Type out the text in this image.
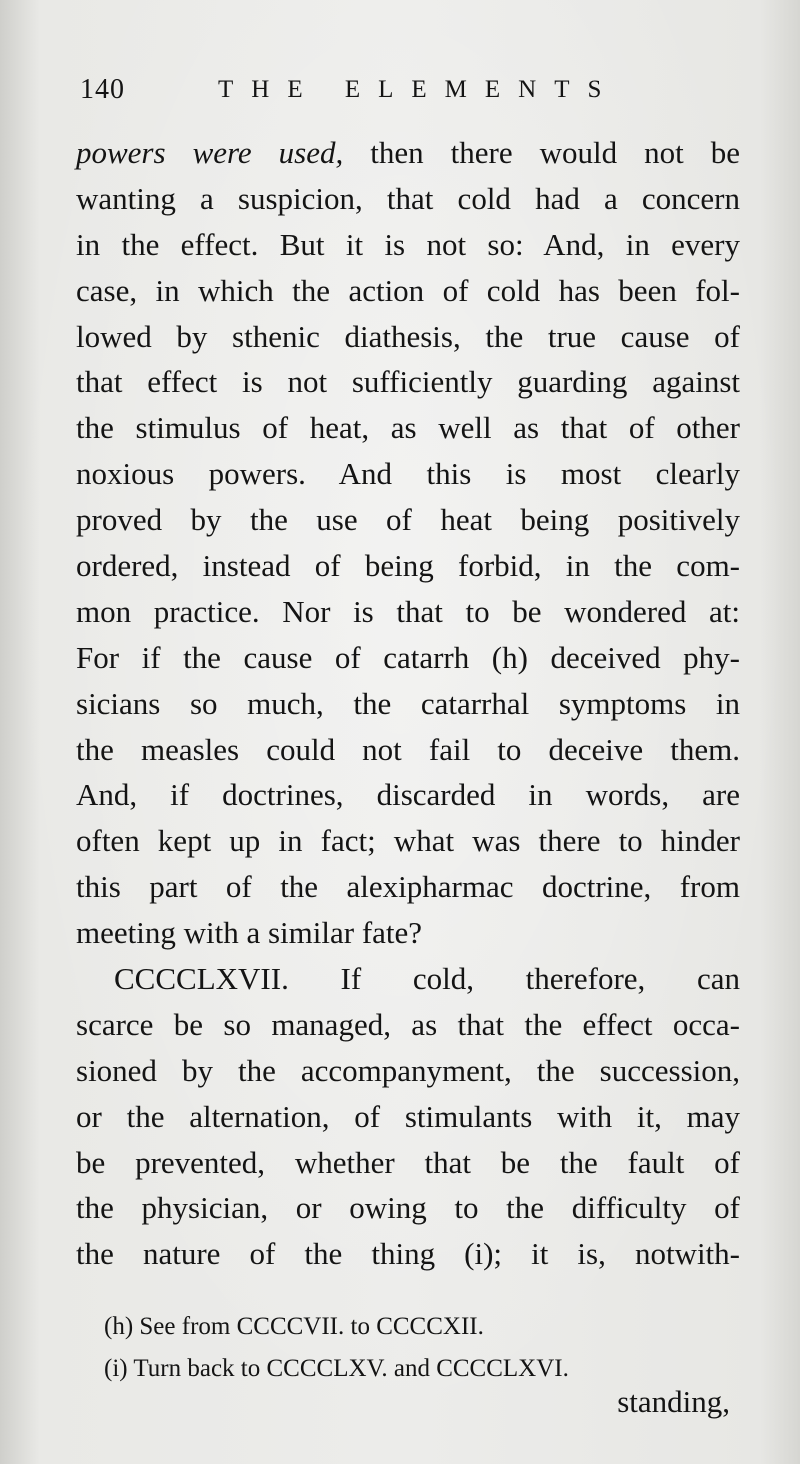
140	THE ELEMENTS
powers were used, then there would not be
wanting a suspicion, that cold had a concern
in the effect. But it is not so: And, in every
case, in which the action of cold has been fol-
lowed by sthenic diathesis, the true cause of
that effect is not sufficiently guarding against
the stimulus of heat, as well as that of other
noxious powers. And this is most clearly
proved by the use of heat being positively
ordered, instead of being forbid, in the com-
mon practice. Nor is that to be wondered at:
For if the cause of catarrh (h) deceived phy-
sicians so much, the catarrhal symptoms in
the measles could not fail to deceive them.
And, if doctrines, discarded in words, are
often kept up in fact; what was there to hinder
this part of the alexipharmac doctrine, from
meeting with a similar fate?
CCCCLXVII. If cold, therefore, can
scarce be so managed, as that the effect occa-
sioned by the accompanyment, the succession,
or the alternation, of stimulants with it, may
be prevented, whether that be the fault of
the physician, or owing to the difficulty of
the nature of the thing (i); it is, notwith-
(h) See from CCCCVII. to CCCCXII.
(i) Turn back to CCCCLXV. and CCCCLXVI.
standing,
